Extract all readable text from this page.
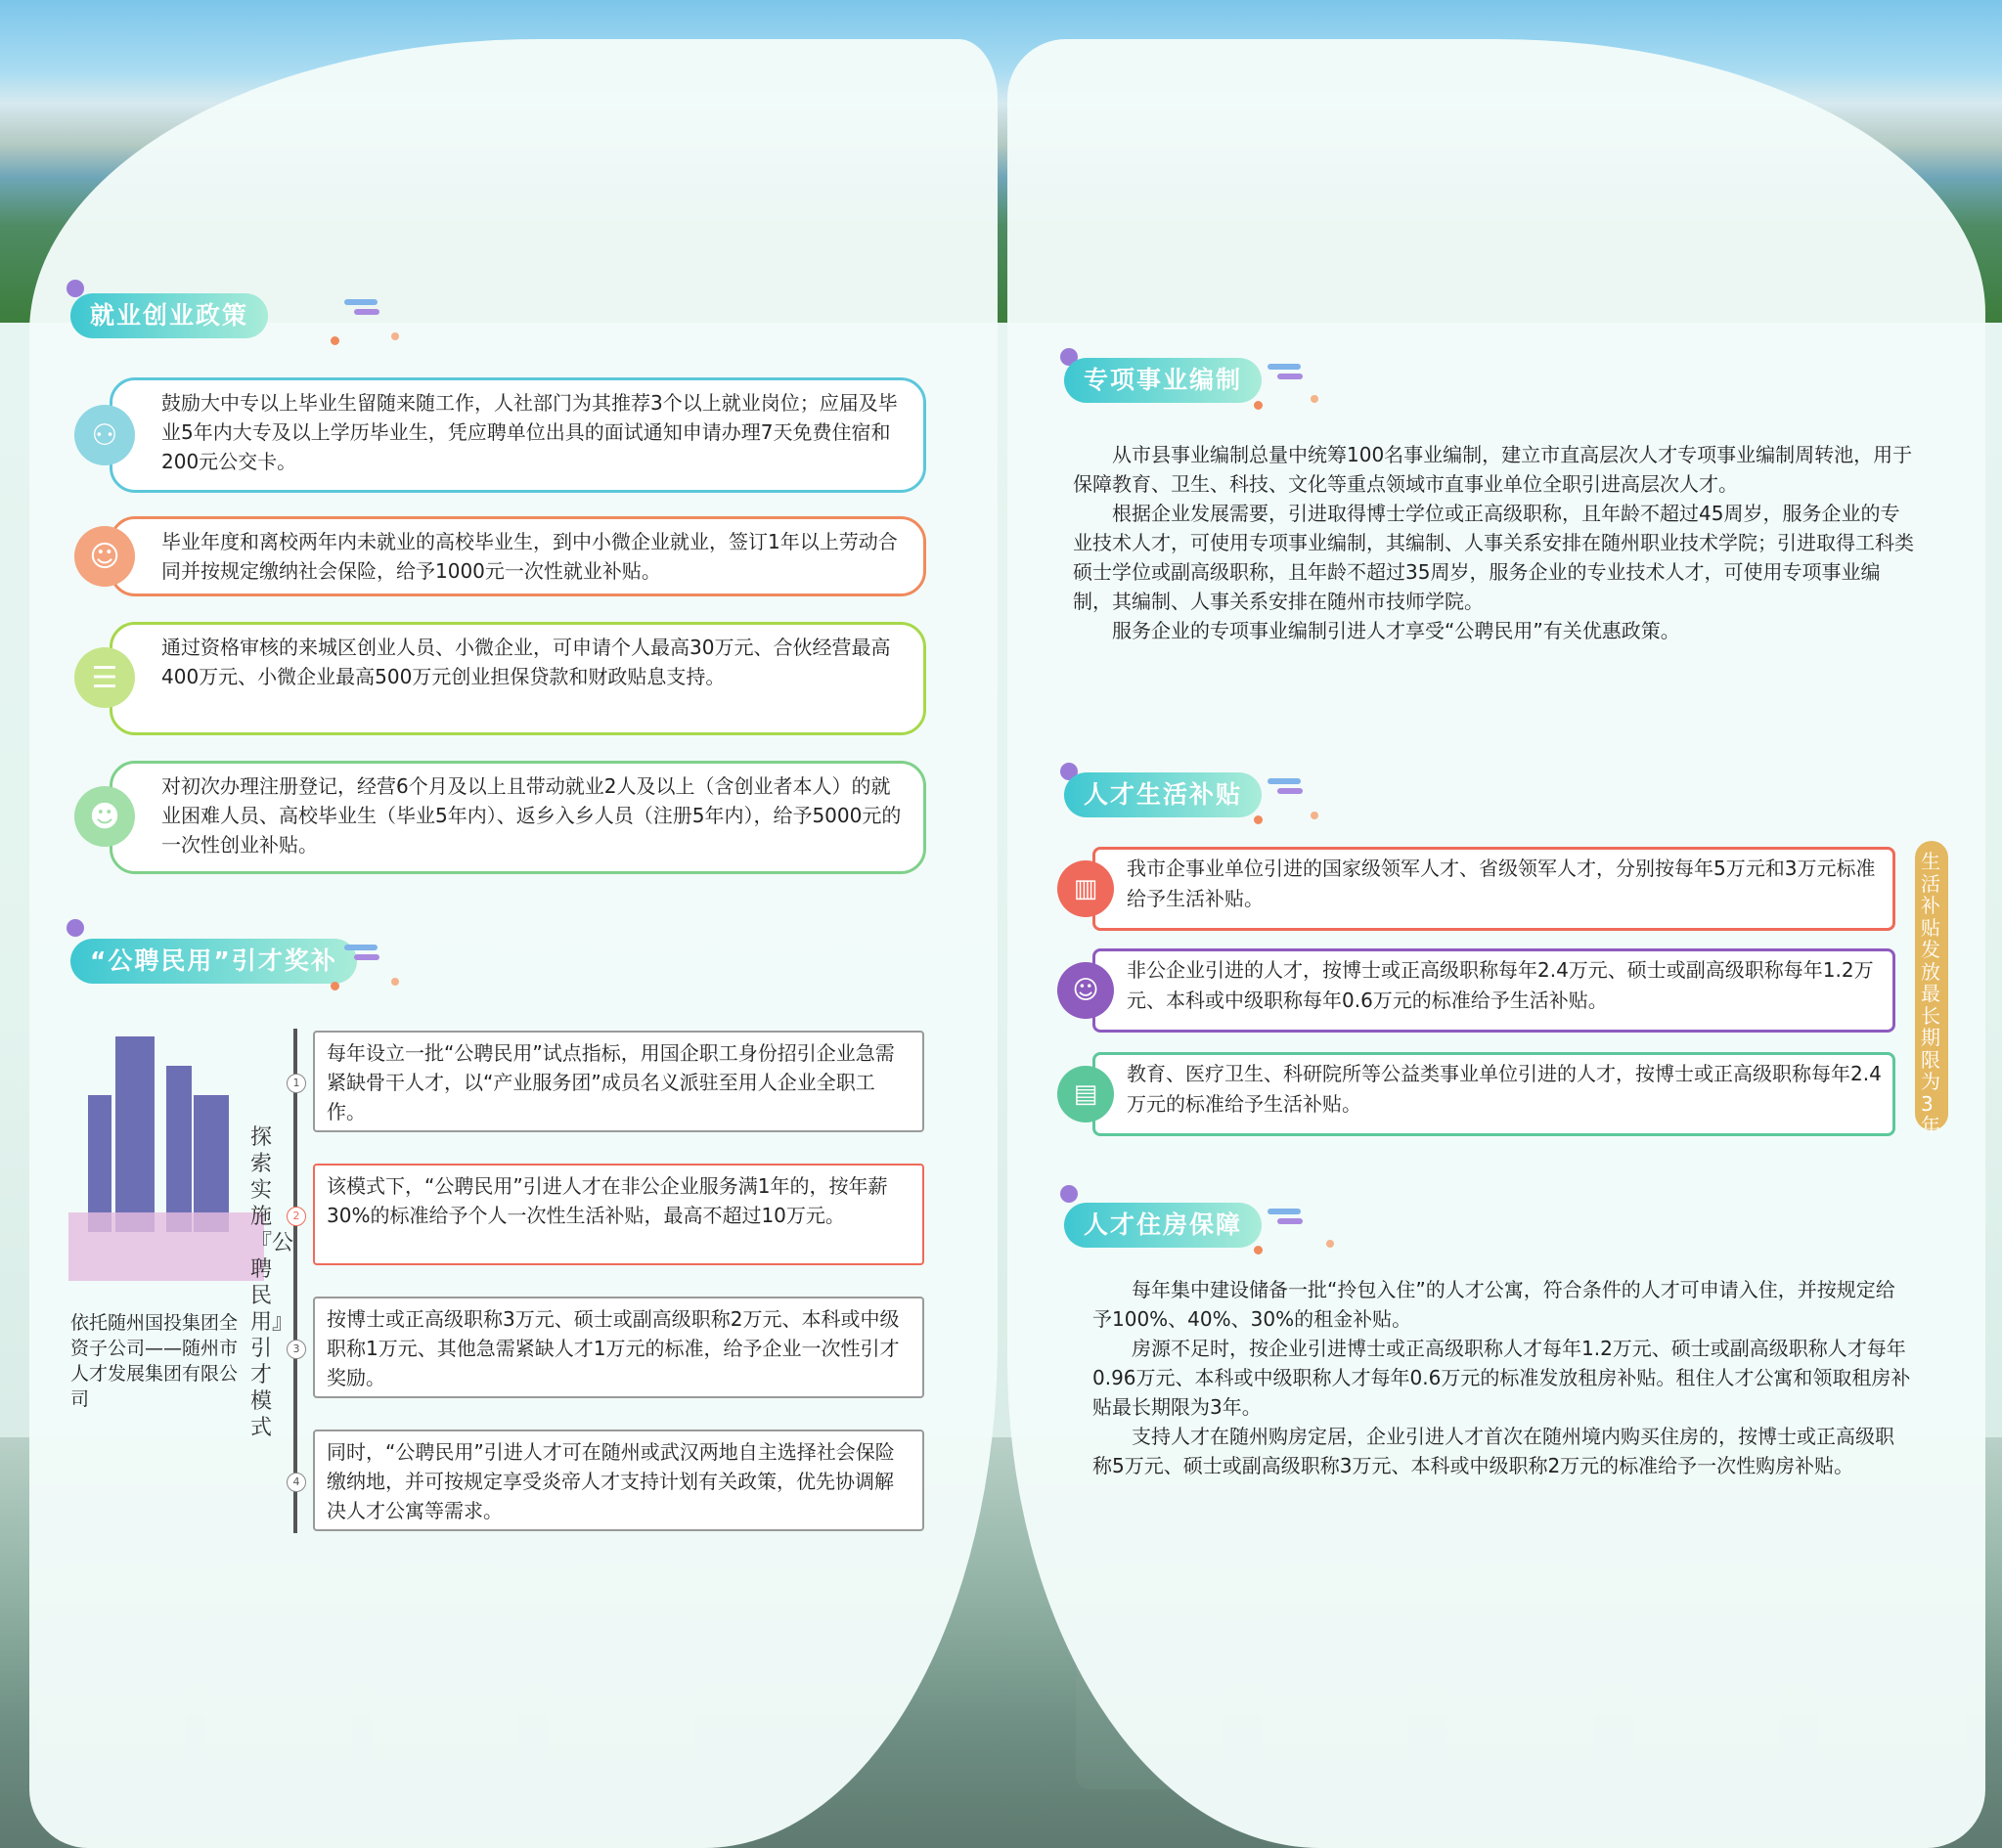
就业创业政策
鼓励大中专以上毕业生留随来随工作，人社部门为其推荐3个以上就业岗位；应届及毕业5年内大专及以上学历毕业生，凭应聘单位出具的面试通知申请办理7天免费住宿和200元公交卡。
⚇
毕业年度和离校两年内未就业的高校毕业生，到中小微企业就业，签订1年以上劳动合同并按规定缴纳社会保险，给予1000元一次性就业补贴。
☺
通过资格审核的来城区创业人员、小微企业，可申请个人最高30万元、合伙经营最高400万元、小微企业最高500万元创业担保贷款和财政贴息支持。
☰
对初次办理注册登记，经营6个月及以上且带动就业2人及以上（含创业者本人）的就业困难人员、高校毕业生（毕业5年内）、返乡入乡人员（注册5年内），给予5000元的一次性创业补贴。
☻
“公聘民用”引才奖补
依托随州国投集团全资子公司——随州市人才发展集团有限公司
探索实施『公聘民用』引才模式
每年设立一批“公聘民用”试点指标，用国企职工身份招引企业急需紧缺骨干人才，以“产业服务团”成员名义派驻至用人企业全职工作。
1
该模式下，“公聘民用”引进人才在非公企业服务满1年的，按年薪30%的标准给予个人一次性生活补贴，最高不超过10万元。
2
按博士或正高级职称3万元、硕士或副高级职称2万元、本科或中级职称1万元、其他急需紧缺人才1万元的标准，给予企业一次性引才奖励。
3
同时，“公聘民用”引进人才可在随州或武汉两地自主选择社会保险缴纳地，并可按规定享受炎帝人才支持计划有关政策，优先协调解决人才公寓等需求。
4
专项事业编制

从市县事业编制总量中统筹100名事业编制，建立市直高层次人才专项事业编制周转池，用于保障教育、卫生、科技、文化等重点领域市直事业单位全职引进高层次人才。

根据企业发展需要，引进取得博士学位或正高级职称，且年龄不超过45周岁，服务企业的专业技术人才，可使用专项事业编制，其编制、人事关系安排在随州职业技术学院；引进取得工科类硕士学位或副高级职称，且年龄不超过35周岁，服务企业的专业技术人才，可使用专项事业编制，其编制、人事关系安排在随州市技师学院。

服务企业的专项事业编制引进人才享受“公聘民用”有关优惠政策。

人才生活补贴
我市企事业单位引进的国家级领军人才、省级领军人才，分别按每年5万元和3万元标准给予生活补贴。
▥
非公企业引进的人才，按博士或正高级职称每年2.4万元、硕士或副高级职称每年1.2万元、本科或中级职称每年0.6万元的标准给予生活补贴。
☺
教育、医疗卫生、科研院所等公益类事业单位引进的人才，按博士或正高级职称每年2.4万元的标准给予生活补贴。
▤
生活补贴发放最长期限为3年
人才住房保障

每年集中建设储备一批“拎包入住”的人才公寓，符合条件的人才可申请入住，并按规定给予100%、40%、30%的租金补贴。

房源不足时，按企业引进博士或正高级职称人才每年1.2万元、硕士或副高级职称人才每年0.96万元、本科或中级职称人才每年0.6万元的标准发放租房补贴。租住人才公寓和领取租房补贴最长期限为3年。

支持人才在随州购房定居，企业引进人才首次在随州境内购买住房的，按博士或正高级职称5万元、硕士或副高级职称3万元、本科或中级职称2万元的标准给予一次性购房补贴。
